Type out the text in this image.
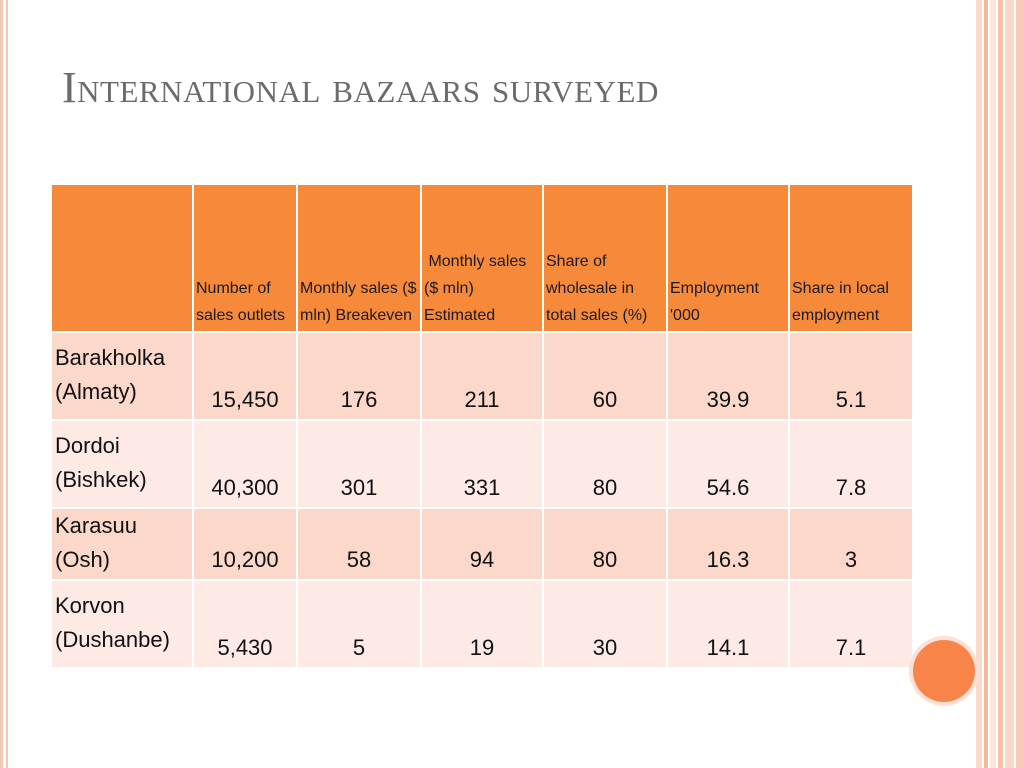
International bazaars surveyed
	Number of sales outlets	Monthly sales ($ mln) Breakeven	Monthly sales ($ mln) Estimated	Share of wholesale in total sales (%)	Employment '000	Share in local employment
Barakholka
(Almaty)	15,450	176	211	60	39.9	5.1
Dordoi
(Bishkek)	40,300	301	331	80	54.6	7.8
Karasuu
(Osh)	10,200	58	94	80	16.3	3
Korvon
(Dushanbe)	5,430	5	19	30	14.1	7.1
